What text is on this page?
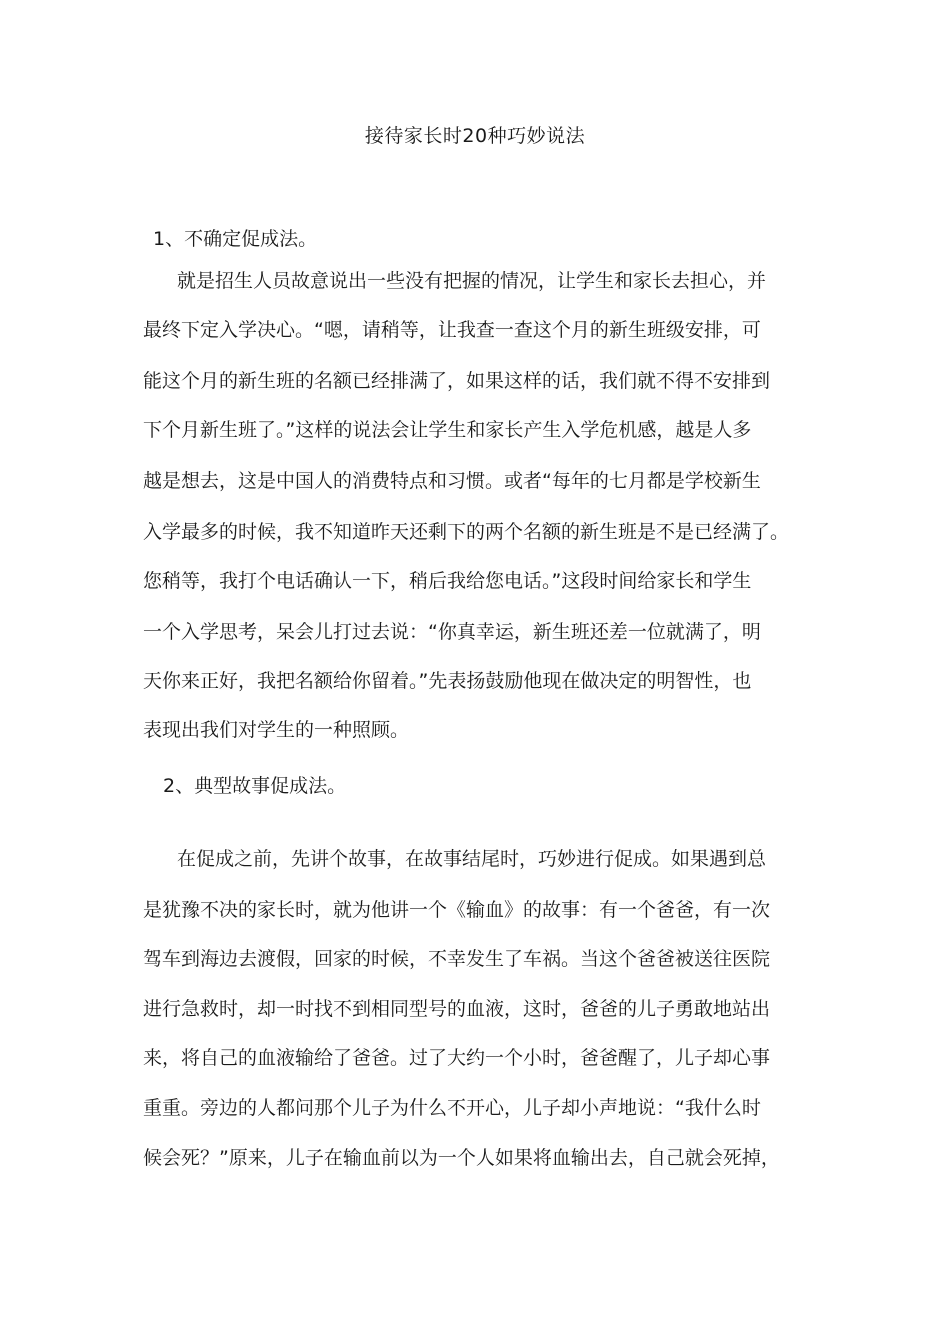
接待家长时20种巧妙说法
1、不确定促成法。
就是招生人员故意说出一些没有把握的情况，让学生和家长去担心，并
最终下定入学决心。“嗯，请稍等，让我查一查这个月的新生班级安排，可
能这个月的新生班的名额已经排满了，如果这样的话，我们就不得不安排到
下个月新生班了。”这样的说法会让学生和家长产生入学危机感，越是人多
越是想去，这是中国人的消费特点和习惯。或者“每年的七月都是学校新生
入学最多的时候，我不知道昨天还剩下的两个名额的新生班是不是已经满了。
您稍等，我打个电话确认一下，稍后我给您电话。”这段时间给家长和学生
一个入学思考，呆会儿打过去说：“你真幸运，新生班还差一位就满了，明
天你来正好，我把名额给你留着。”先表扬鼓励他现在做决定的明智性，也
表现出我们对学生的一种照顾。
2、典型故事促成法。
在促成之前，先讲个故事，在故事结尾时，巧妙进行促成。如果遇到总
是犹豫不决的家长时，就为他讲一个《输血》的故事：有一个爸爸，有一次
驾车到海边去渡假，回家的时候，不幸发生了车祸。当这个爸爸被送往医院
进行急救时，却一时找不到相同型号的血液，这时，爸爸的儿子勇敢地站出
来，将自己的血液输给了爸爸。过了大约一个小时，爸爸醒了，儿子却心事
重重。旁边的人都问那个儿子为什么不开心，儿子却小声地说：“我什么时
候会死？”原来，儿子在输血前以为一个人如果将血输出去，自己就会死掉，
